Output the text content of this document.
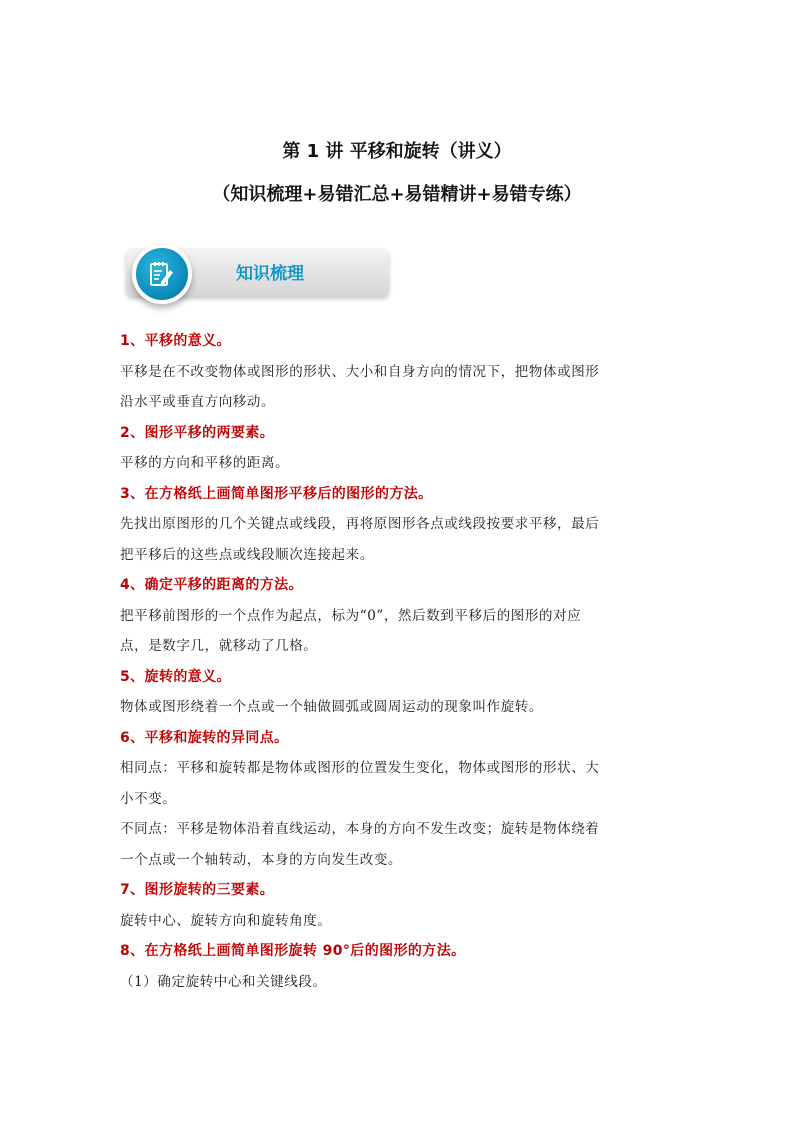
第 1 讲 平移和旋转（讲义）
（知识梳理+易错汇总+易错精讲+易错专练）
知识梳理
1、平移的意义。
平移是在不改变物体或图形的形状、大小和自身方向的情况下，把物体或图形
沿水平或垂直方向移动。
2、图形平移的两要素。
平移的方向和平移的距离。
3、在方格纸上画简单图形平移后的图形的方法。
先找出原图形的几个关键点或线段，再将原图形各点或线段按要求平移，最后
把平移后的这些点或线段顺次连接起来。
4、确定平移的距离的方法。
把平移前图形的一个点作为起点，标为“0”，然后数到平移后的图形的对应
点，是数字几，就移动了几格。
5、旋转的意义。
物体或图形绕着一个点或一个轴做圆弧或圆周运动的现象叫作旋转。
6、平移和旋转的异同点。
相同点：平移和旋转都是物体或图形的位置发生变化，物体或图形的形状、大
小不变。
不同点：平移是物体沿着直线运动，本身的方向不发生改变；旋转是物体绕着
一个点或一个轴转动，本身的方向发生改变。
7、图形旋转的三要素。
旋转中心、旋转方向和旋转角度。
8、在方格纸上画简单图形旋转 90°后的图形的方法。
（1）确定旋转中心和关键线段。
